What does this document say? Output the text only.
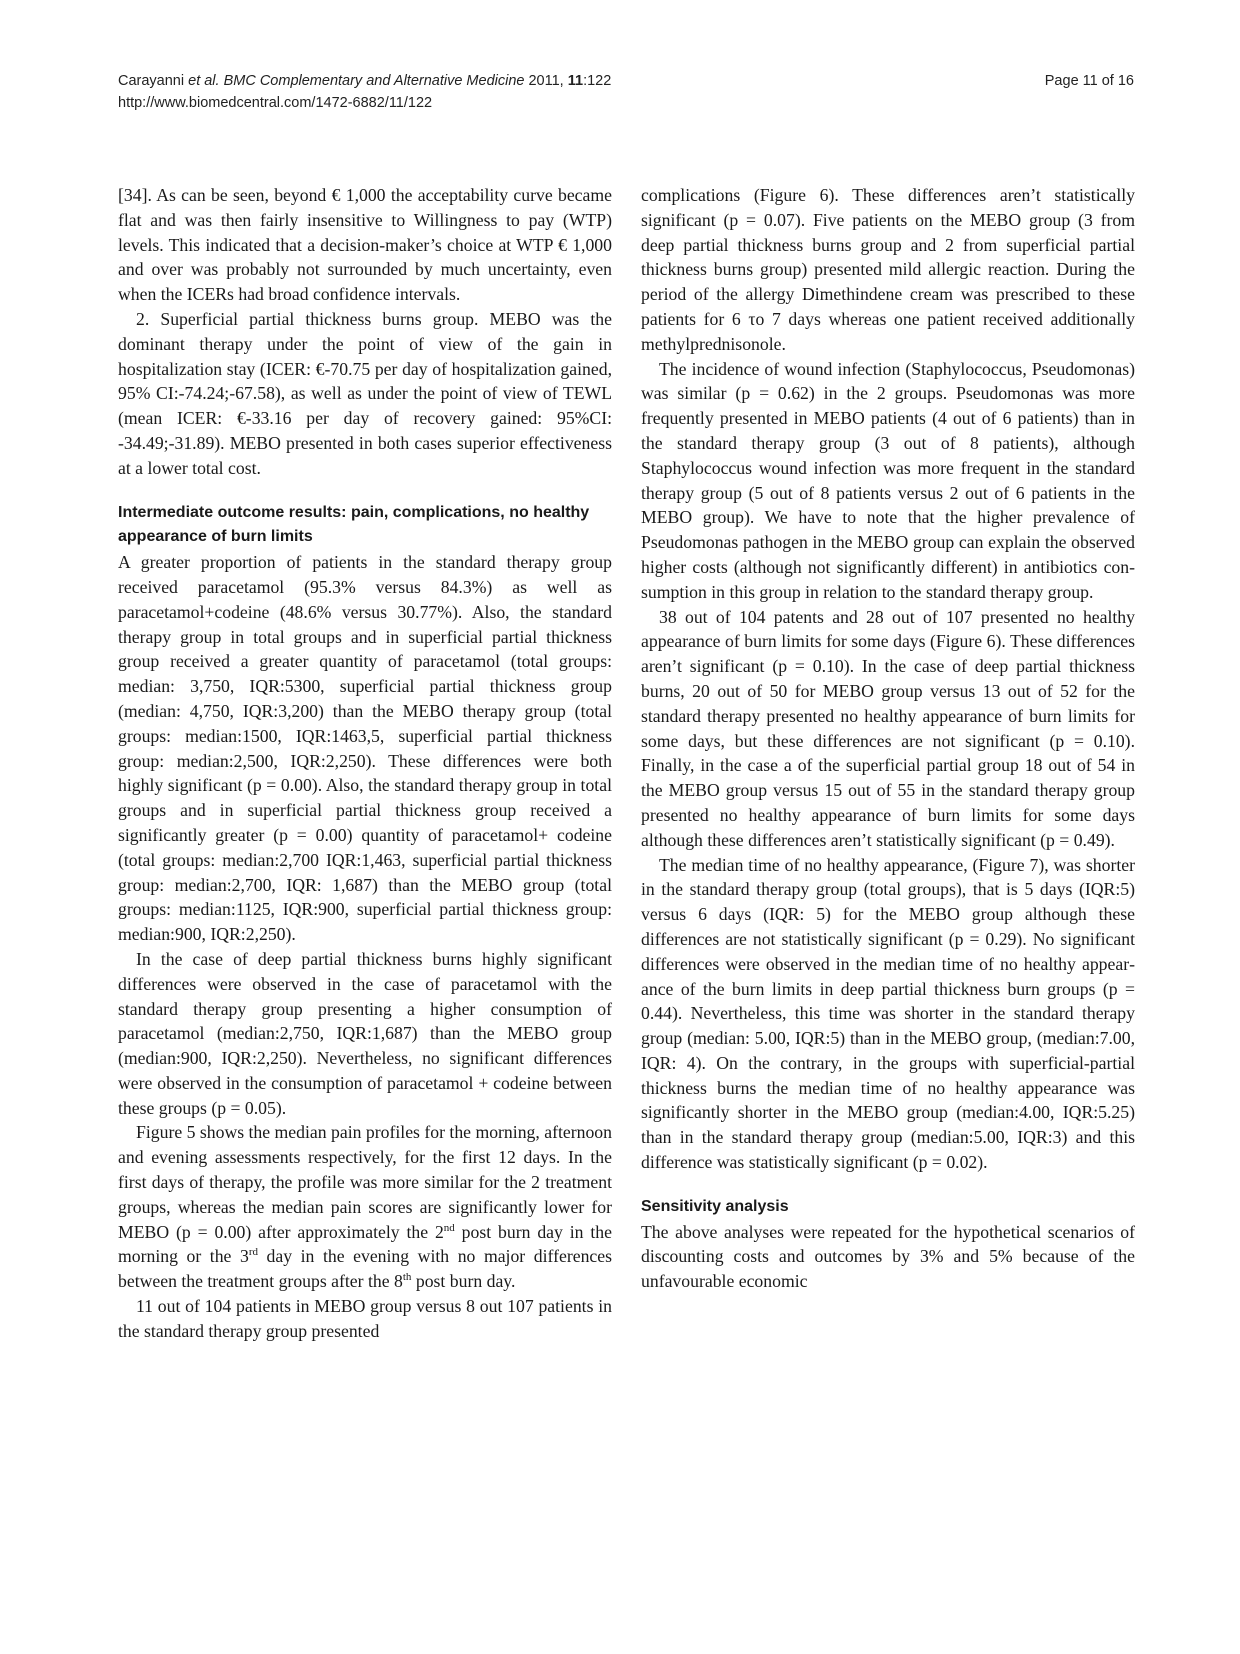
Carayanni et al. BMC Complementary and Alternative Medicine 2011, 11:122
http://www.biomedcentral.com/1472-6882/11/122
Page 11 of 16

[34]. As can be seen, beyond € 1,000 the acceptability curve became flat and was then fairly insensitive to Willingness to pay (WTP) levels. This indicated that a decision-maker’s choice at WTP € 1,000 and over was probably not surrounded by much uncertainty, even when the ICERs had broad confidence intervals.

2. Superficial partial thickness burns group. MEBO was the dominant therapy under the point of view of the gain in hospitalization stay (ICER: €-70.75 per day of hospitalization gained, 95% CI:-74.24;-67.58), as well as under the point of view of TEWL (mean ICER: €-33.16 per day of recovery gained: 95%CI: -34.49;-31.89). MEBO presented in both cases superior effectiveness at a lower total cost.

Intermediate outcome results: pain, complications, no healthy appearance of burn limits

A greater proportion of patients in the standard therapy group received paracetamol (95.3% versus 84.3%) as well as paracetamol+codeine (48.6% versus 30.77%). Also, the standard therapy group in total groups and in superficial partial thickness group received a greater quantity of paracetamol (total groups: median: 3,750, IQR:5300, superficial partial thickness group (median: 4,750, IQR:3,200) than the MEBO therapy group (total groups: median:1500, IQR:1463,5, superficial partial thickness group: median:2,500, IQR:2,250). These differences were both highly significant (p = 0.00). Also, the standard therapy group in total groups and in superficial partial thickness group received a significantly greater (p = 0.00) quantity of paracetamol+ codeine (total groups: median:2,700 IQR:1,463, superficial partial thickness group: median:2,700, IQR: 1,687) than the MEBO group (total groups: median:1125, IQR:900, superficial partial thickness group: median:900, IQR:2,250).

In the case of deep partial thickness burns highly significant differences were observed in the case of paracetamol with the standard therapy group presenting a higher consumption of paracetamol (median:2,750, IQR:1,687) than the MEBO group (median:900, IQR:2,250). Nevertheless, no significant differences were observed in the consumption of paracetamol + codeine between these groups (p = 0.05).

Figure 5 shows the median pain profiles for the morning, afternoon and evening assessments respectively, for the first 12 days. In the first days of therapy, the profile was more similar for the 2 treatment groups, whereas the median pain scores are significantly lower for MEBO (p = 0.00) after approximately the 2nd post burn day in the morning or the 3rd day in the evening with no major differences between the treatment groups after the 8th post burn day.

11 out of 104 patients in MEBO group versus 8 out 107 patients in the standard therapy group presented

complications (Figure 6). These differences aren’t statistically significant (p = 0.07). Five patients on the MEBO group (3 from deep partial thickness burns group and 2 from superficial partial thickness burns group) presented mild allergic reaction. During the period of the allergy Dimethindene cream was prescribed to these patients for 6 το 7 days whereas one patient received additionally methylprednisonole.

The incidence of wound infection (Staphylococcus, Pseudomonas) was similar (p = 0.62) in the 2 groups. Pseudomonas was more frequently presented in MEBO patients (4 out of 6 patients) than in the standard therapy group (3 out of 8 patients), although Staphylococcus wound infection was more frequent in the standard therapy group (5 out of 8 patients versus 2 out of 6 patients in the MEBO group). We have to note that the higher prevalence of Pseudomonas pathogen in the MEBO group can explain the observed higher costs (although not significantly different) in antibiotics consumption in this group in relation to the standard therapy group.

38 out of 104 patents and 28 out of 107 presented no healthy appearance of burn limits for some days (Figure 6). These differences aren’t significant (p = 0.10). In the case of deep partial thickness burns, 20 out of 50 for MEBO group versus 13 out of 52 for the standard therapy presented no healthy appearance of burn limits for some days, but these differences are not significant (p = 0.10). Finally, in the case a of the superficial partial group 18 out of 54 in the MEBO group versus 15 out of 55 in the standard therapy group presented no healthy appearance of burn limits for some days although these differences aren’t statistically significant (p = 0.49).

The median time of no healthy appearance, (Figure 7), was shorter in the standard therapy group (total groups), that is 5 days (IQR:5) versus 6 days (IQR: 5) for the MEBO group although these differences are not statistically significant (p = 0.29). No significant differences were observed in the median time of no healthy appearance of the burn limits in deep partial thickness burn groups (p = 0.44). Nevertheless, this time was shorter in the standard therapy group (median: 5.00, IQR:5) than in the MEBO group, (median:7.00, IQR: 4). On the contrary, in the groups with superficial-partial thickness burns the median time of no healthy appearance was significantly shorter in the MEBO group (median:4.00, IQR:5.25) than in the standard therapy group (median:5.00, IQR:3) and this difference was statistically significant (p = 0.02).

Sensitivity analysis

The above analyses were repeated for the hypothetical scenarios of discounting costs and outcomes by 3% and 5% because of the unfavourable economic
